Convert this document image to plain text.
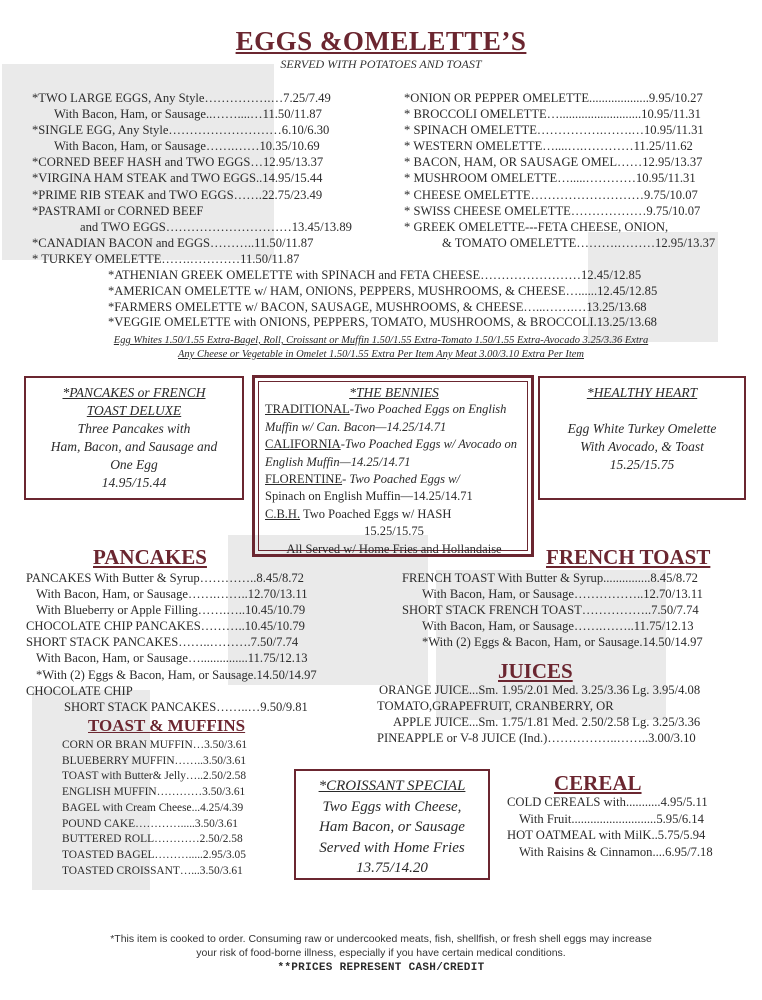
EGGS &OMELETTE’S
SERVED WITH POTATOES AND TOAST
*TWO LARGE EGGS, Any Style…………….…7.25/7.49
With Bacon, Ham, or Sausage..……....…11.50/11.87
*SINGLE EGG, Any Style………………………6.10/6.30
With Bacon, Ham, or Sausage…….……10.35/10.69
*CORNED BEEF HASH and TWO EGGS…12.95/13.37
*VIRGINA HAM STEAK and TWO EGGS..14.95/15.44
*PRIME RIB STEAK and TWO EGGS…….22.75/23.49
*PASTRAMI or CORNED BEEF
and TWO EGGS…………………………13.45/13.89
*CANADIAN BACON and EGGS………..11.50/11.87
* TURKEY OMELETTE…….…………11.50/11.87
*ONION OR PEPPER OMELETTE...................9.95/10.27
* BROCCOLI OMELETTE…..........................10.95/11.31
* SPINACH OMELETTE…………….…….…10.95/11.31
* WESTERN OMELETTE…....….…………11.25/11.62
* BACON, HAM, OR SAUSAGE OMEL……12.95/13.37
* MUSHROOM OMELETTE….....…………10.95/11.31
* CHEESE OMELETTE………………………9.75/10.07
* SWISS CHEESE OMELETTE………………9.75/10.07
* GREEK OMELETTE---FETA CHEESE, ONION,
& TOMATO OMELETTE……….………12.95/13.37
*ATHENIAN GREEK OMELETTE with SPINACH and FETA CHEESE……………………12.45/12.85
*AMERICAN OMELETTE w/ HAM, ONIONS, PEPPERS, MUSHROOMS, & CHEESE…......12.45/12.85
*FARMERS OMELETTE w/ BACON, SAUSAGE, MUSHROOMS, & CHEESE…...…….…13.25/13.68
*VEGGIE OMELETTE with ONIONS, PEPPERS, TOMATO, MUSHROOMS, & BROCCOLI.13.25/13.68
Egg Whites 1.50/1.55 Extra-Bagel, Roll, Croissant or Muffin 1.50/1.55 Extra-Tomato 1.50/1.55 Extra-Avocado 3.25/3.36 Extra
Any Cheese or Vegetable in Omelet 1.50/1.55 Extra Per Item Any Meat 3.00/3.10 Extra Per Item
*PANCAKES or FRENCH TOAST DELUXE
Three Pancakes with
Ham, Bacon, and Sausage and
One Egg
14.95/15.44
*THE BENNIES
TRADITIONAL-Two Poached Eggs on English Muffin w/ Can. Bacon—14.25/14.71
CALIFORNIA-Two Poached Eggs w/ Avocado on English Muffin—14.25/14.71
FLORENTINE- Two Poached Eggs w/
Spinach on English Muffin—14.25/14.71
C.B.H. Two Poached Eggs w/ HASH
15.25/15.75
All Served w/ Home Fries and Hollandaise
*HEALTHY HEART
Egg White Turkey Omelette
With Avocado, & Toast
15.25/15.75
PANCAKES
PANCAKES With Butter & Syrup…………..8.45/8.72
With Bacon, Ham, or Sausage…….……..12.70/13.11
With Blueberry or Apple Filling…….…..10.45/10.79
CHOCOLATE CHIP PANCAKES………..10.45/10.79
SHORT STACK PANCAKES……..……….7.50/7.74
With Bacon, Ham, or Sausage…...............11.75/12.13
*With (2) Eggs & Bacon, Ham, or Sausage.14.50/14.97
CHOCOLATE CHIP
SHORT STACK PANCAKES……..…9.50/9.81
TOAST & MUFFINS
CORN OR BRAN MUFFIN…3.50/3.61
BLUEBERRY MUFFIN……..3.50/3.61
TOAST with Butter& Jelly…..2.50/2.58
ENGLISH MUFFIN…………3.50/3.61
BAGEL with Cream Cheese...4.25/4.39
POUND CAKE………….....3.50/3.61
BUTTERED ROLL…………2.50/2.58
TOASTED BAGEL……….....2.95/3.05
TOASTED CROISSANT…...3.50/3.61
*CROISSANT SPECIAL
Two Eggs with Cheese,
Ham Bacon, or Sausage
Served with Home Fries
13.75/14.20
FRENCH TOAST
FRENCH TOAST With Butter & Syrup...............8.45/8.72
With Bacon, Ham, or Sausage……………..12.70/13.11
SHORT STACK FRENCH TOAST……………..7.50/7.74
With Bacon, Ham, or Sausage…….……..11.75/12.13
*With (2) Eggs & Bacon, Ham, or Sausage.14.50/14.97
JUICES
ORANGE JUICE...Sm. 1.95/2.01 Med. 3.25/3.36 Lg. 3.95/4.08
TOMATO,GRAPEFRUIT, CRANBERRY, OR
APPLE JUICE...Sm. 1.75/1.81 Med. 2.50/2.58 Lg. 3.25/3.36
PINEAPPLE or V-8 JUICE (Ind.)……………..……..3.00/3.10
CEREAL
COLD CEREALS with...........4.95/5.11
With Fruit...........................5.95/6.14
HOT OATMEAL with MilK..5.75/5.94
With Raisins & Cinnamon....6.95/7.18
*This item is cooked to order. Consuming raw or undercooked meats, fish, shellfish, or fresh shell eggs may increase
your risk of food-borne illness, especially if you have certain medical conditions.
**PRICES REPRESENT CASH/CREDIT
